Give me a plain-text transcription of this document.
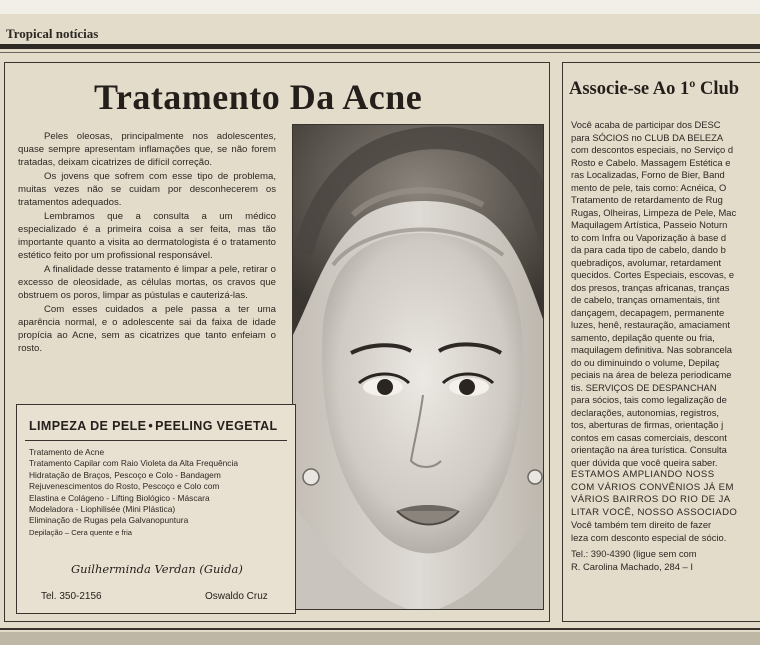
Tropical notícias
Tratamento Da Acne

Peles oleosas, principalmente nos adolescentes, quase sempre apresentam inflamações que, se não forem tratadas, deixam cicatrizes de difícil correção.

Os jovens que sofrem com esse tipo de problema, muitas vezes não se cuidam por desconhecerem os tratamentos adequados.

Lembramos que a consulta a um médico especializado é a primeira coisa a ser feita, mas tão importante quanto a visita ao dermatologista é o tratamento estético feito por um profissional responsável.

A finalidade desse tratamento é limpar a pele, retirar o excesso de oleosidade, as células mortas, os cravos que obstruem os poros, limpar as pústulas e cauterizá-las.

Com esses cuidados a pele passa a ter uma aparência normal, e o adolescente sai da faixa de idade propícia ao Acne, sem as cicatrizes que tanto enfeiam o rosto.

LIMPEZA DE PELE • PEELING VEGETAL
Tratamento de Acne
Tratamento Capilar com Raio Violeta da Alta Frequência
Hidratação de Braços, Pescoço e Colo - Bandagem
Rejuvenescimentos do Rosto, Pescoço e Colo com
Elastina e Colágeno - Lifting Biológico - Máscara
Modeladora - Liophilisée (Mini Plástica)
Eliminação de Rugas pela Galvanopuntura
Depilação – Cera quente e fria
Guilherminda Verdan (Guida)
Tel. 350-2156	Oswaldo Cruz
Associe-se Ao 1º Club
Você acaba de participar dos DESC
para SÓCIOS no CLUB DA BELEZA
com descontos especiais, no Serviço d
Rosto e Cabelo. Massagem Estética e
ras Localizadas, Forno de Bier, Band
mento de pele, tais como: Acnéica, O
Tratamento de retardamento de Rug
Rugas, Olheiras, Limpeza de Pele, Mac
Maquilagem Artística, Passeio Noturn
to com Infra ou Vaporização à base d
da para cada tipo de cabelo, dando b
quebradiços, avolumar, retardament
quecidos. Cortes Especiais, escovas, e
dos presos, tranças africanas, tranças
de cabelo, tranças ornamentais, tint
dançagem, decapagem, permanente
luzes, henê, restauração, amaciament
samento, depilação quente ou fria,
maquilagem definitiva. Nas sobrancela
do ou diminuindo o volume, Depilaç
peciais na área de beleza periodicame
tis. SERVIÇOS DE DESPANCHAN
para sócios, tais como legalização de
declarações, autonomias, registros,
tos, aberturas de firmas, orientação j
contos em casas comerciais, descont
orientação na área turística. Consulta
quer dúvida que você queira saber.
ESTAMOS AMPLIANDO NOSS
COM VÁRIOS CONVÊNIOS JÁ EM
VÁRIOS BAIRROS DO RIO DE JA
LITAR VOCÊ, NOSSO ASSOCIADO
Você também tem direito de fazer
leza com desconto especial de sócio.
Tel.: 390-4390 (ligue sem com
R. Carolina Machado, 284 – I
